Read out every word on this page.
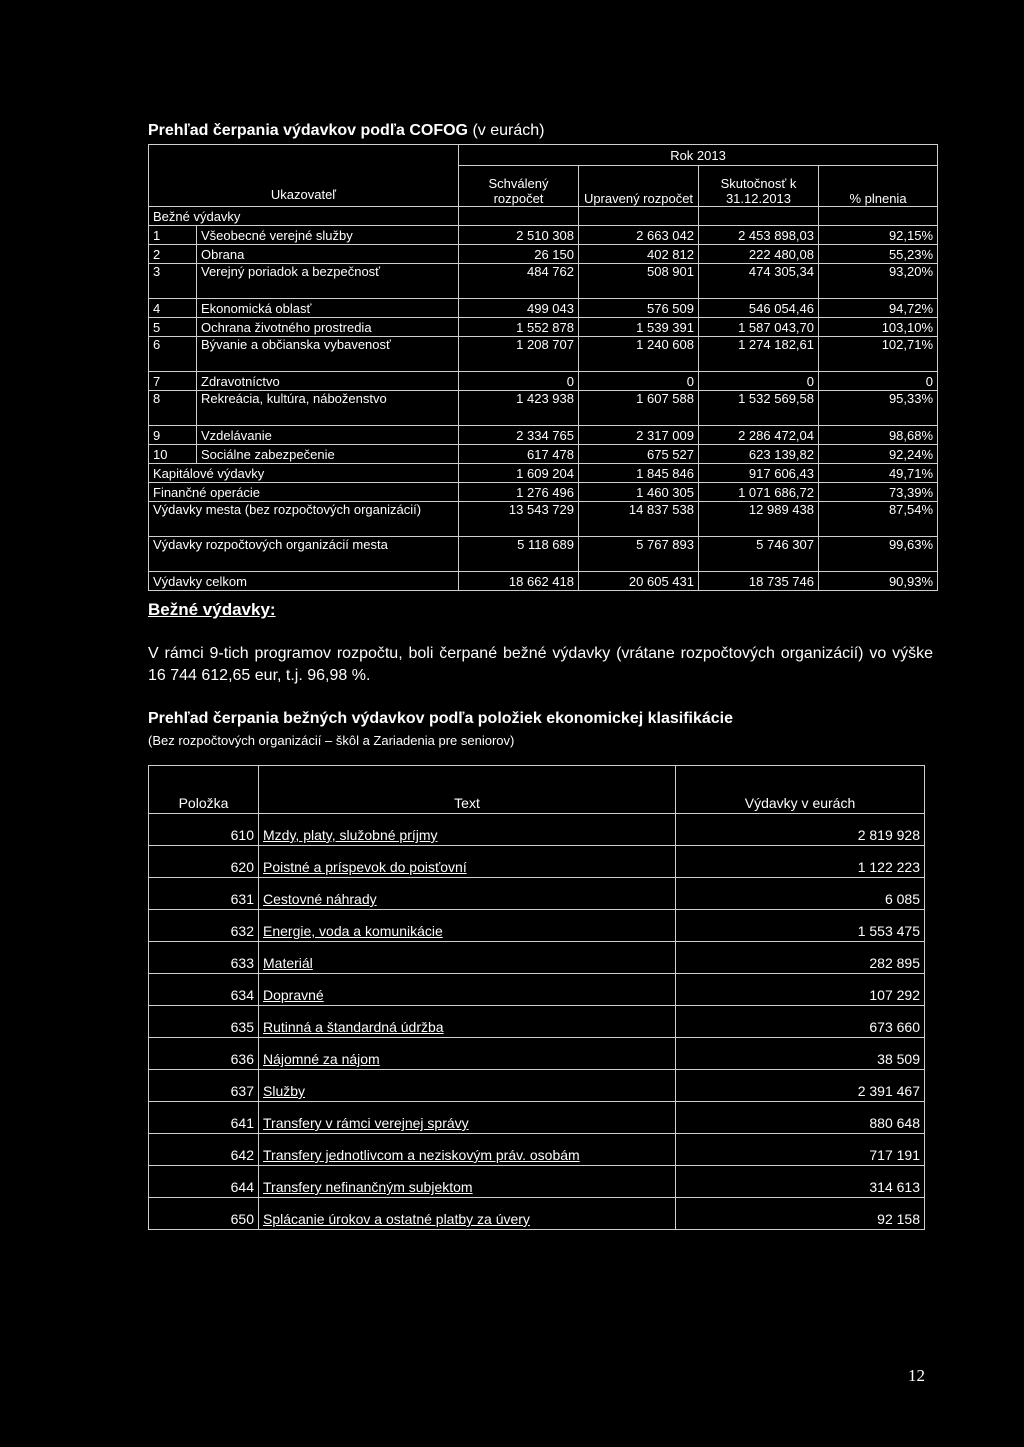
Prehľad čerpania výdavkov podľa COFOG (v eurách)
Ukazovateľ		Rok 2013			
		Schválený rozpočet	Upravený rozpočet	Skutočnosť k 31.12.2013	% plnenia
Bežné výdavky					
1	Všeobecné verejné služby	2 510 308	2 663 042	2 453 898,03	92,15%
2	Obrana	26 150	402 812	222 480,08	55,23%
3	Verejný poriadok a bezpečnosť	484 762	508 901	474 305,34	93,20%
4	Ekonomická oblasť	499 043	576 509	546 054,46	94,72%
5	Ochrana životného prostredia	1 552 878	1 539 391	1 587 043,70	103,10%
6	Bývanie a občianska vybavenosť	1 208 707	1 240 608	1 274 182,61	102,71%
7	Zdravotníctvo	0	0	0	0
8	Rekreácia, kultúra, náboženstvo	1 423 938	1 607 588	1 532 569,58	95,33%
9	Vzdelávanie	2 334 765	2 317 009	2 286 472,04	98,68%
10	Sociálne zabezpečenie	617 478	675 527	623 139,82	92,24%
Kapitálové výdavky		1 609 204	1 845 846	917 606,43	49,71%
Finančné operácie		1 276 496	1 460 305	1 071 686,72	73,39%
Výdavky mesta (bez rozpočtových organizácií)		13 543 729	14 837 538	12 989 438	87,54%
Výdavky rozpočtových organizácií mesta		5 118 689	5 767 893	5 746 307	99,63%
Výdavky celkom		18 662 418	20 605 431	18 735 746	90,93%
Bežné výdavky:
V rámci 9-tich programov rozpočtu, boli čerpané bežné výdavky (vrátane rozpočtových organizácií) vo výške 16 744 612,65 eur, t.j. 96,98 %.
Prehľad čerpania bežných výdavkov podľa položiek ekonomickej klasifikácie
(Bez rozpočtových organizácií – škôl a Zariadenia pre seniorov)
Položka	Text	Výdavky v eurách
610	Mzdy, platy, služobné príjmy	2 819 928
620	Poistné a príspevok do poisťovní	1 122 223
631	Cestovné náhrady	6 085
632	Energie, voda a komunikácie	1 553 475
633	Materiál	282 895
634	Dopravné	107 292
635	Rutinná a štandardná údržba	673 660
636	Nájomné za nájom	38 509
637	Služby	2 391 467
641	Transfery v rámci verejnej správy	880 648
642	Transfery jednotlivcom a neziskovým práv. osobám	717 191
644	Transfery nefinančným subjektom	314 613
650	Splácanie úrokov a ostatné platby za úvery	92 158
12
